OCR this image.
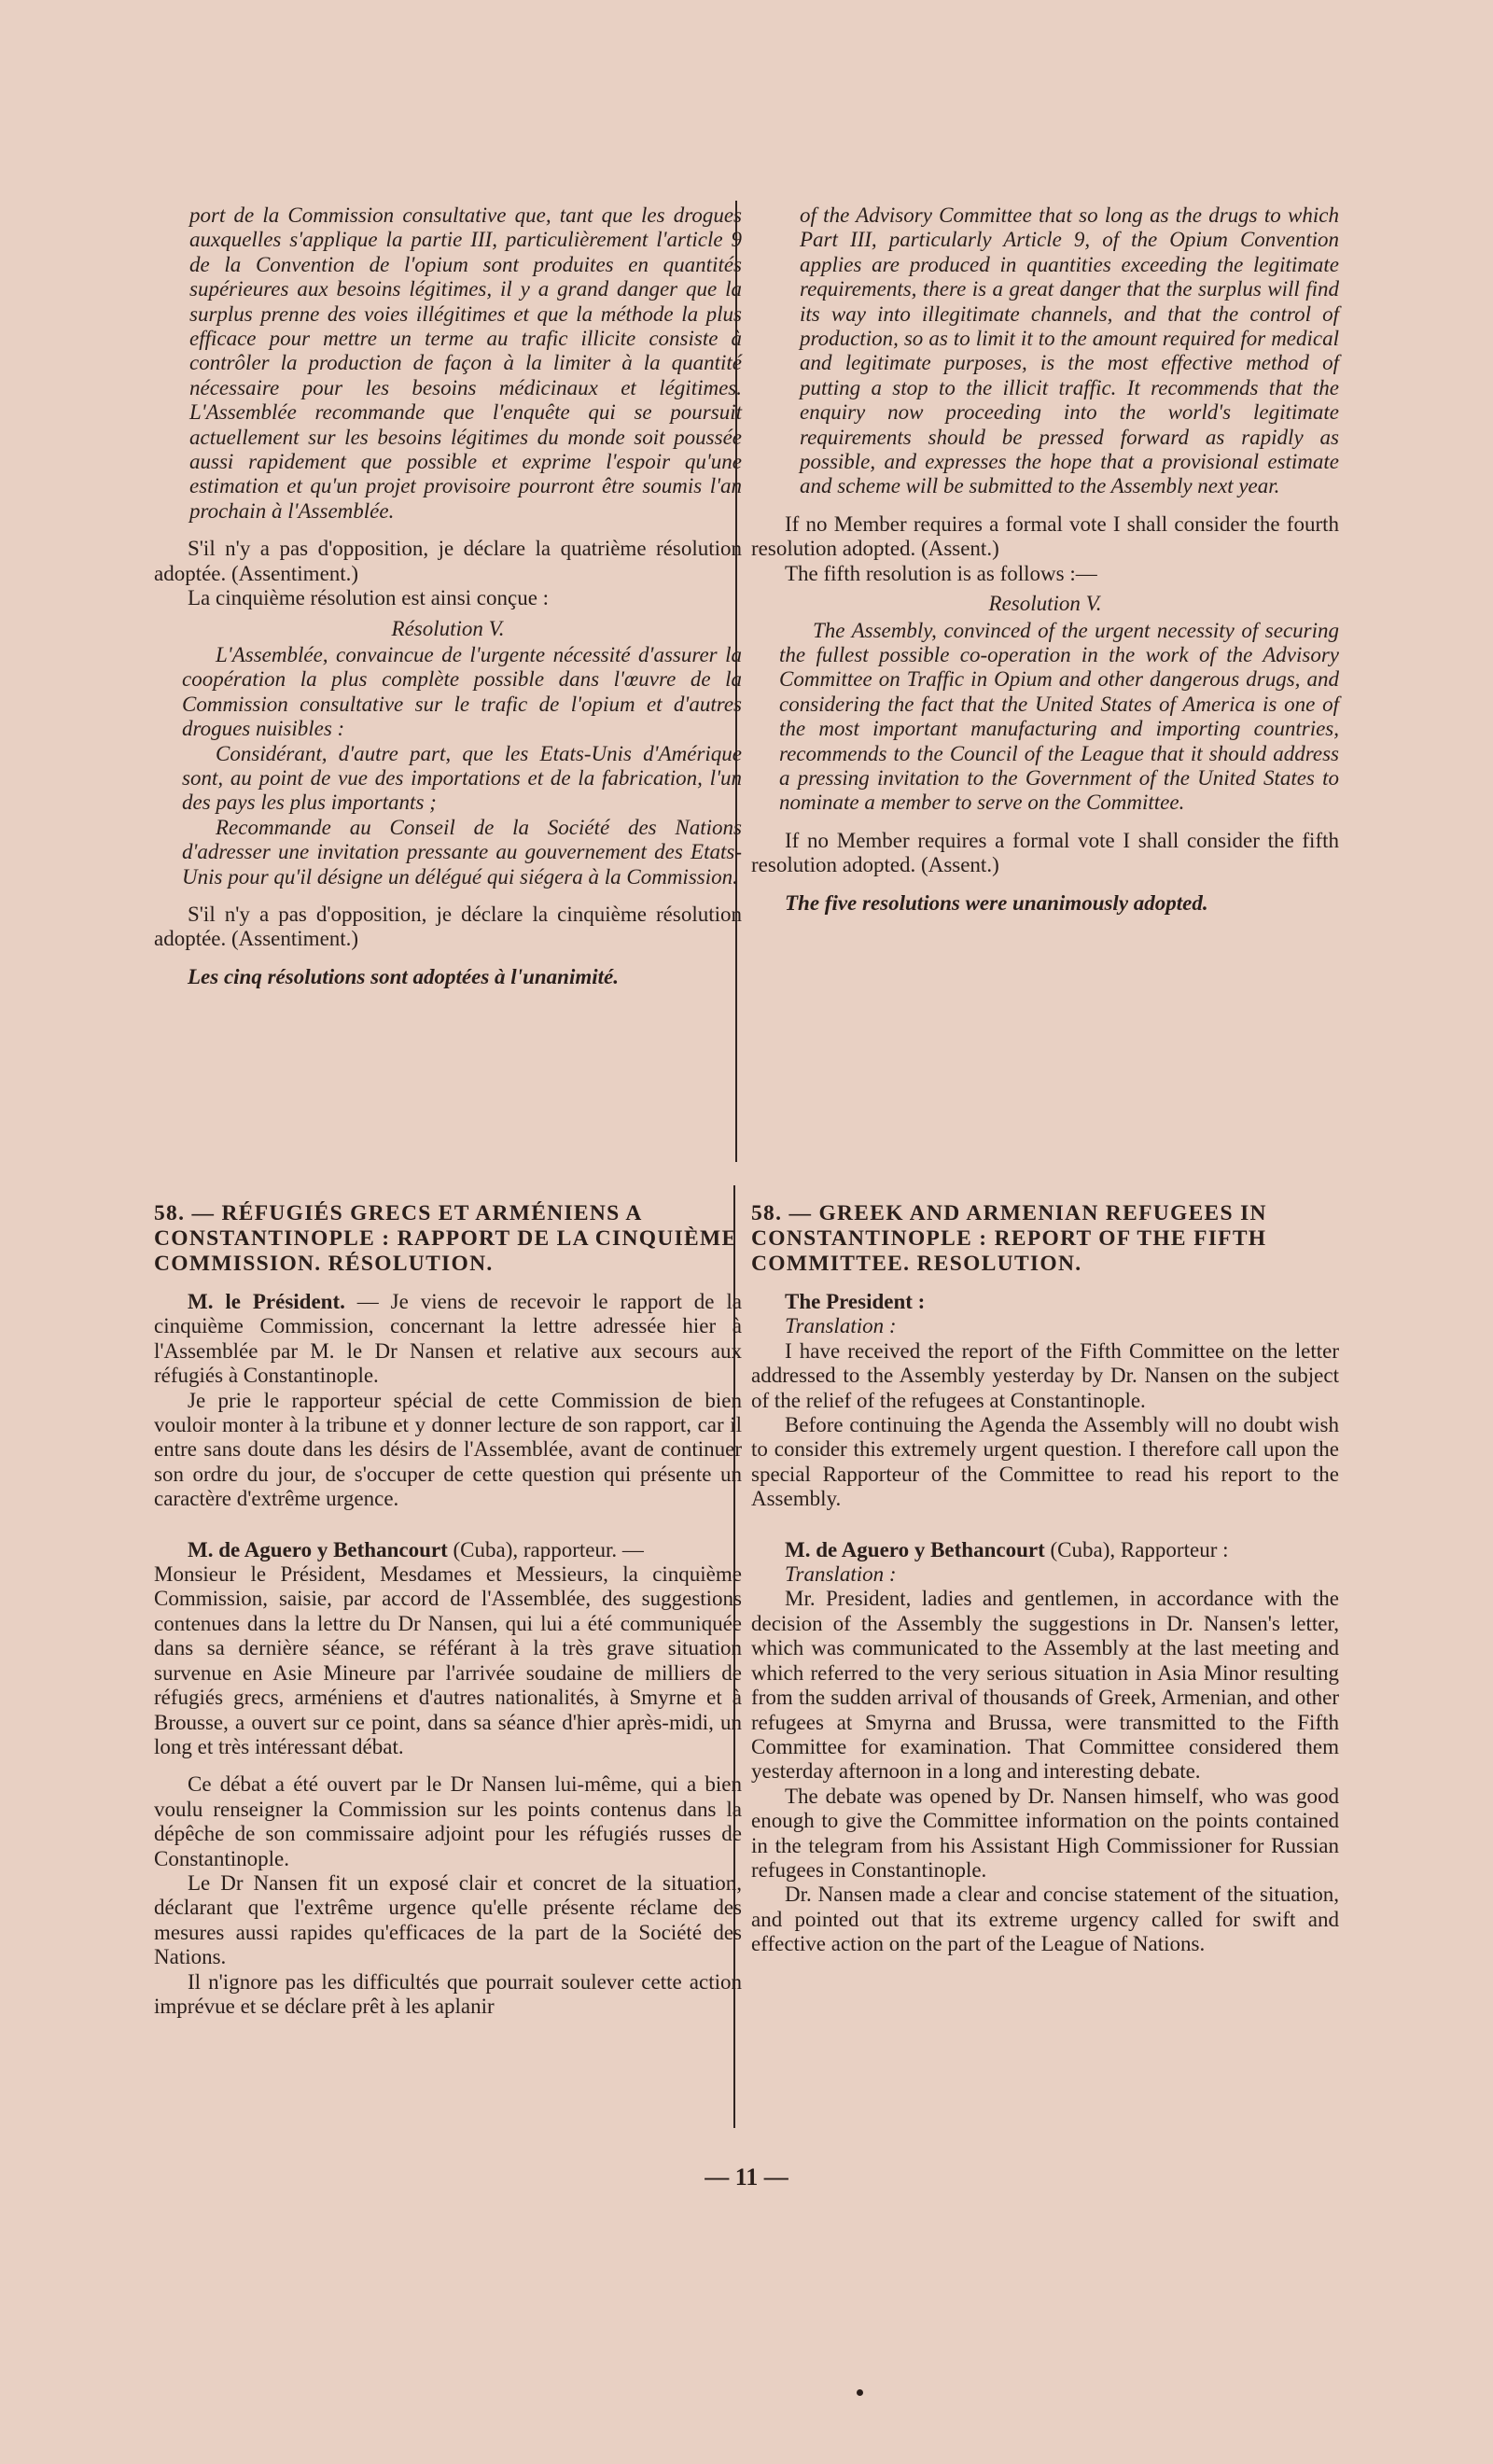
port de la Commission consultative que, tant que les drogues auxquelles s'applique la partie III, particulièrement l'article 9 de la Convention de l'opium sont produites en quantités supérieures aux besoins légitimes, il y a grand danger que la surplus prenne des voies illégitimes et que la méthode la plus efficace pour mettre un terme au trafic illicite consiste à contrôler la production de façon à la limiter à la quantité nécessaire pour les besoins médicinaux et légitimes. L'Assemblée recommande que l'enquête qui se poursuit actuellement sur les besoins légitimes du monde soit poussée aussi rapidement que possible et exprime l'espoir qu'une estimation et qu'un projet provisoire pourront être soumis l'an prochain à l'Assemblée.

S'il n'y a pas d'opposition, je déclare la quatrième résolution adoptée. (Assentiment.)

La cinquième résolution est ainsi conçue :

Résolution V.

L'Assemblée, convaincue de l'urgente nécessité d'assurer la coopération la plus complète possible dans l'œuvre de la Commission consultative sur le trafic de l'opium et d'autres drogues nuisibles :

Considérant, d'autre part, que les Etats-Unis d'Amérique sont, au point de vue des importations et de la fabrication, l'un des pays les plus importants ;

Recommande au Conseil de la Société des Nations d'adresser une invitation pressante au gouvernement des Etats-Unis pour qu'il désigne un délégué qui siégera à la Commission.

S'il n'y a pas d'opposition, je déclare la cinquième résolution adoptée. (Assentiment.)

Les cinq résolutions sont adoptées à l'unanimité.

of the Advisory Committee that so long as the drugs to which Part III, particularly Article 9, of the Opium Convention applies are produced in quantities exceeding the legitimate requirements, there is a great danger that the surplus will find its way into illegitimate channels, and that the control of production, so as to limit it to the amount required for medical and legitimate purposes, is the most effective method of putting a stop to the illicit traffic. It recommends that the enquiry now proceeding into the world's legitimate requirements should be pressed forward as rapidly as possible, and expresses the hope that a provisional estimate and scheme will be submitted to the Assembly next year.

If no Member requires a formal vote I shall consider the fourth resolution adopted. (Assent.)

The fifth resolution is as follows :—

Resolution V.

The Assembly, convinced of the urgent necessity of securing the fullest possible co-operation in the work of the Advisory Committee on Traffic in Opium and other dangerous drugs, and considering the fact that the United States of America is one of the most important manufacturing and importing countries, recommends to the Council of the League that it should address a pressing invitation to the Government of the United States to nominate a member to serve on the Committee.

If no Member requires a formal vote I shall consider the fifth resolution adopted. (Assent.)

The five resolutions were unanimously adopted.

58. — RÉFUGIÉS GRECS ET ARMÉNIENS A CONSTANTINOPLE : RAPPORT DE LA CINQUIÈME COMMISSION. RÉSOLUTION.

M. le Président. — Je viens de recevoir le rapport de la cinquième Commission, concernant la lettre adressée hier à l'Assemblée par M. le Dr Nansen et relative aux secours aux réfugiés à Constantinople.

Je prie le rapporteur spécial de cette Commission de bien vouloir monter à la tribune et y donner lecture de son rapport, car il entre sans doute dans les désirs de l'Assemblée, avant de continuer son ordre du jour, de s'occuper de cette question qui présente un caractère d'extrême urgence.

M. de Aguero y Bethancourt (Cuba), rapporteur. —

Monsieur le Président, Mesdames et Messieurs, la cinquième Commission, saisie, par accord de l'Assemblée, des suggestions contenues dans la lettre du Dr Nansen, qui lui a été communiquée dans sa dernière séance, se référant à la très grave situation survenue en Asie Mineure par l'arrivée soudaine de milliers de réfugiés grecs, arméniens et d'autres nationalités, à Smyrne et à Brousse, a ouvert sur ce point, dans sa séance d'hier après-midi, un long et très intéressant débat.

Ce débat a été ouvert par le Dr Nansen lui-même, qui a bien voulu renseigner la Commission sur les points contenus dans la dépêche de son commissaire adjoint pour les réfugiés russes de Constantinople.

Le Dr Nansen fit un exposé clair et concret de la situation, déclarant que l'extrême urgence qu'elle présente réclame des mesures aussi rapides qu'efficaces de la part de la Société des Nations.

Il n'ignore pas les difficultés que pourrait soulever cette action imprévue et se déclare prêt à les aplanir

58. — GREEK AND ARMENIAN REFUGEES IN CONSTANTINOPLE : REPORT OF THE FIFTH COMMITTEE. RESOLUTION.

The President :

Translation :

I have received the report of the Fifth Committee on the letter addressed to the Assembly yesterday by Dr. Nansen on the subject of the relief of the refugees at Constantinople.

Before continuing the Agenda the Assembly will no doubt wish to consider this extremely urgent question. I therefore call upon the special Rapporteur of the Committee to read his report to the Assembly.

M. de Aguero y Bethancourt (Cuba), Rapporteur :

Translation :

Mr. President, ladies and gentlemen, in accordance with the decision of the Assembly the suggestions in Dr. Nansen's letter, which was communicated to the Assembly at the last meeting and which referred to the very serious situation in Asia Minor resulting from the sudden arrival of thousands of Greek, Armenian, and other refugees at Smyrna and Brussa, were transmitted to the Fifth Committee for examination. That Committee considered them yesterday afternoon in a long and interesting debate.

The debate was opened by Dr. Nansen himself, who was good enough to give the Committee information on the points contained in the telegram from his Assistant High Commissioner for Russian refugees in Constantinople.

Dr. Nansen made a clear and concise statement of the situation, and pointed out that its extreme urgency called for swift and effective action on the part of the League of Nations.

— 11 —
